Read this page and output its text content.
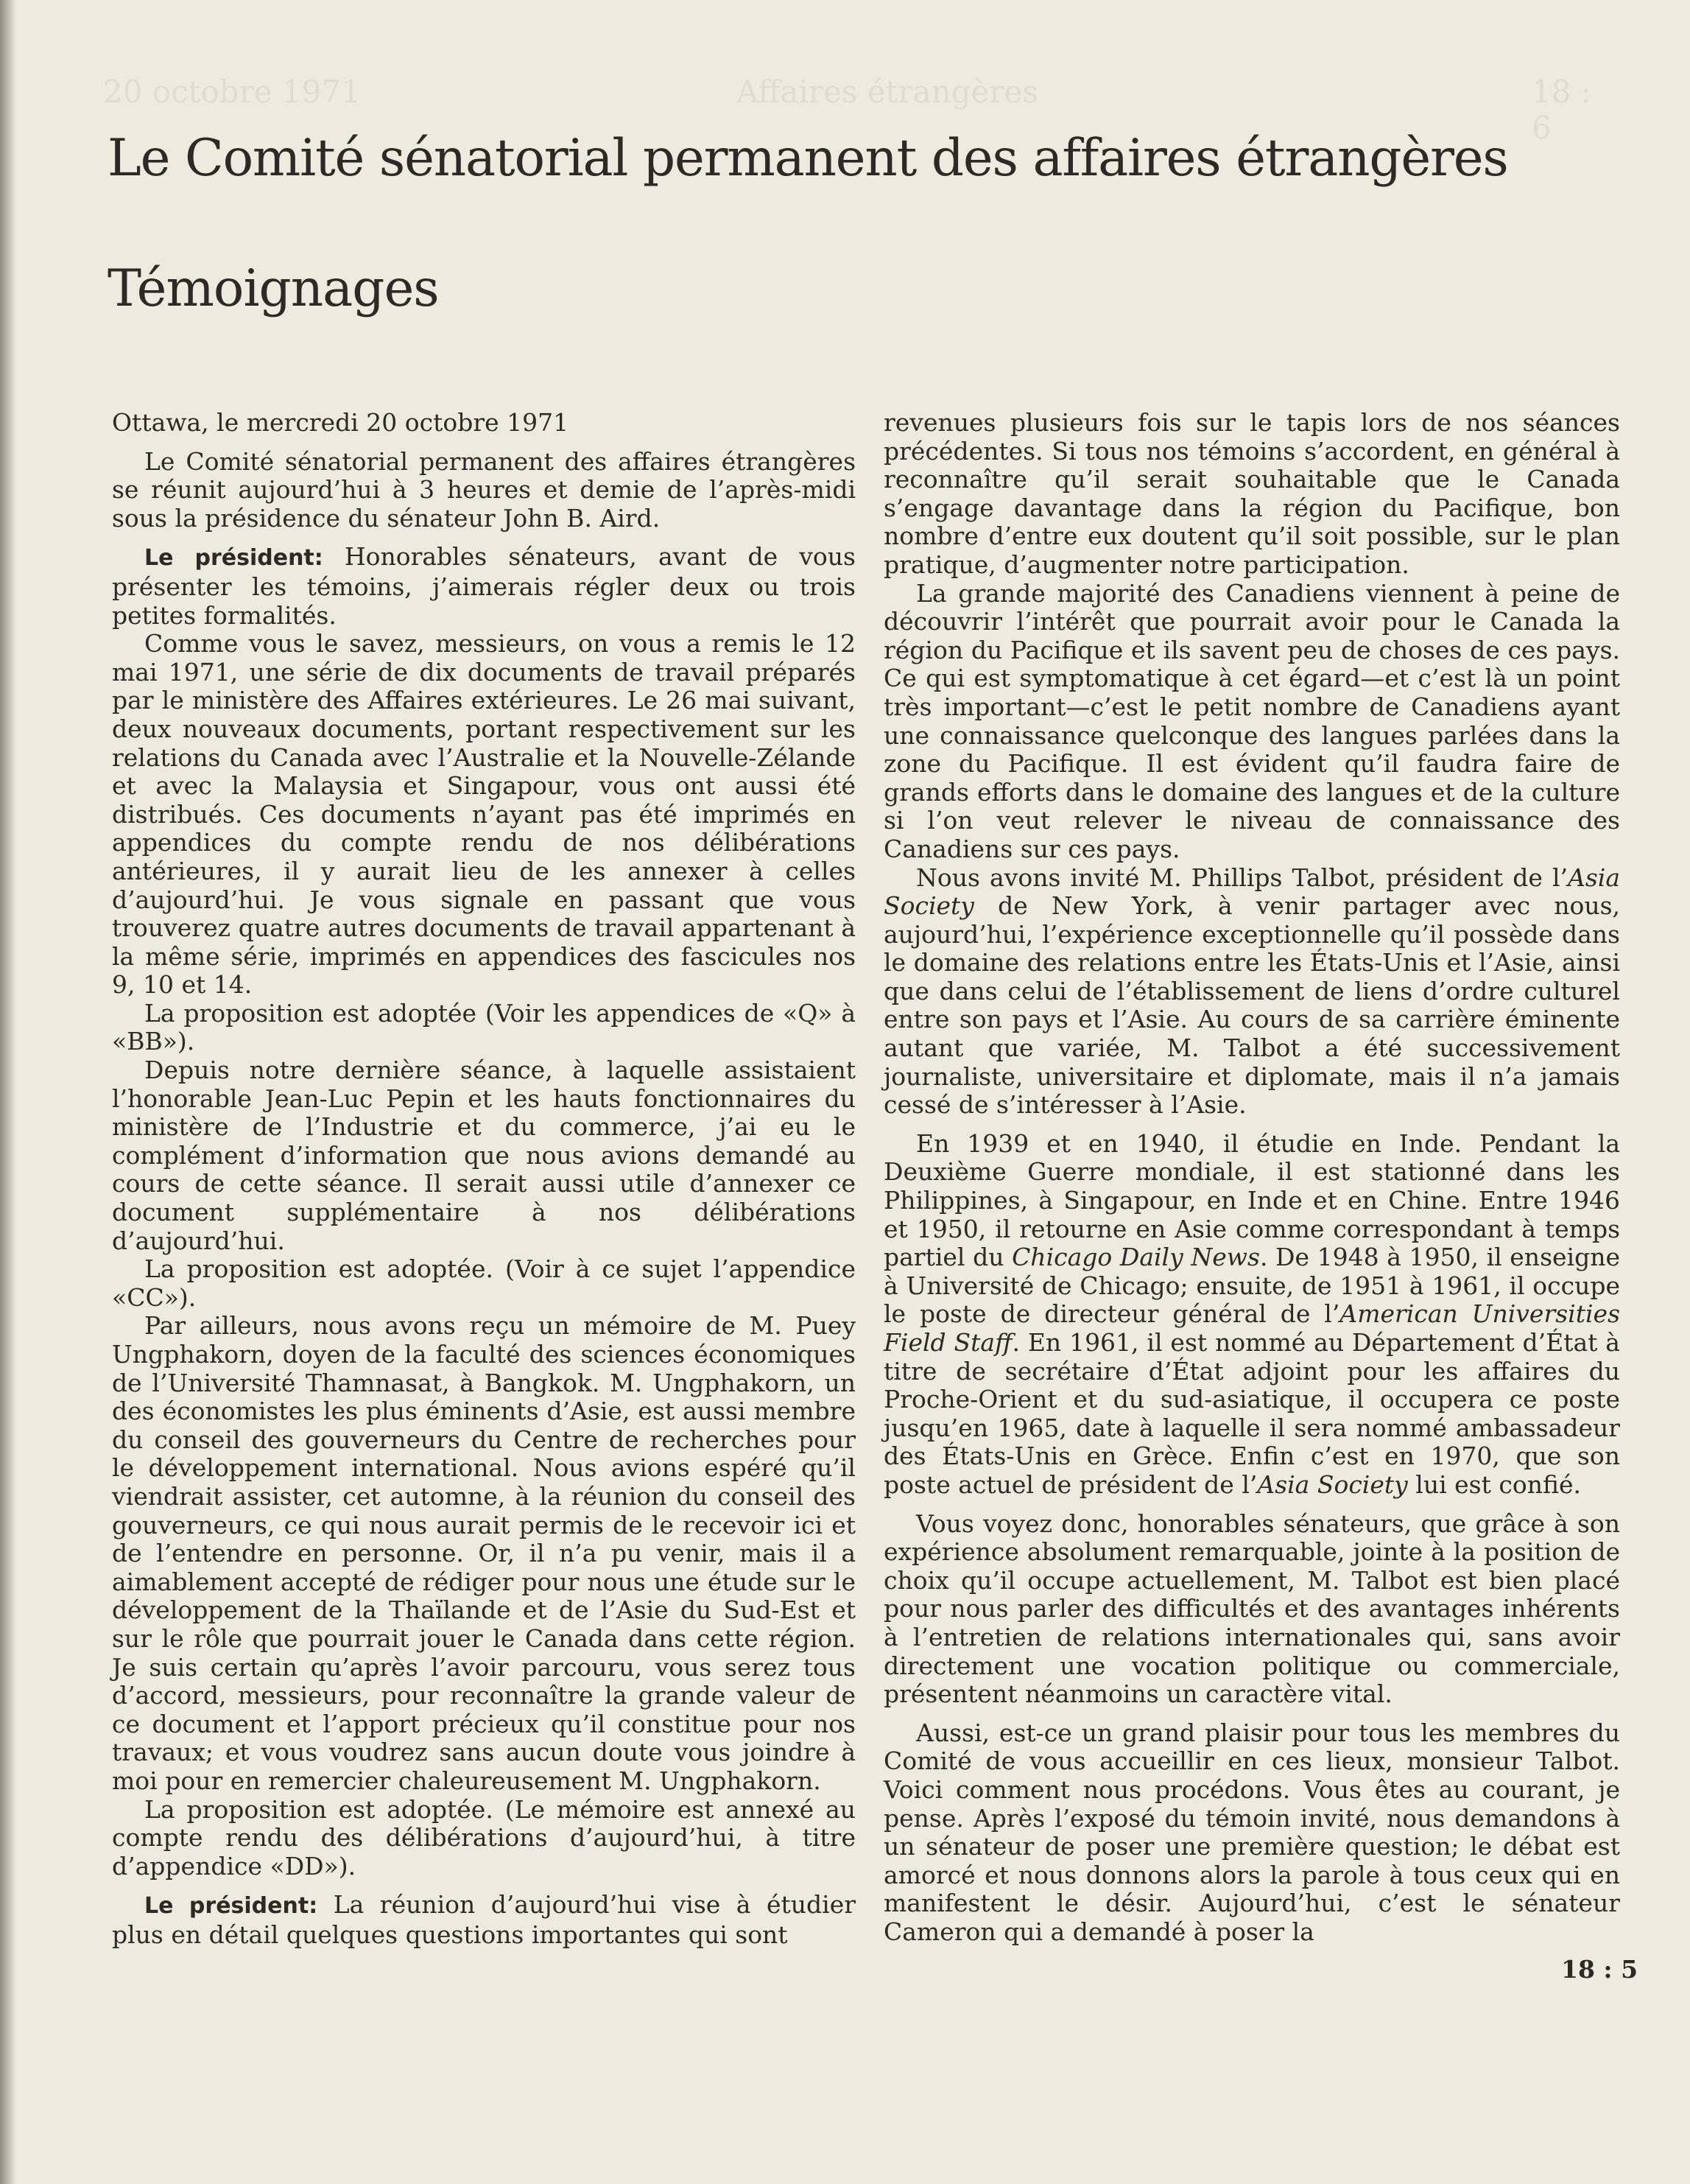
20 octobre 1971	Affaires étrangères	18 : 6
Le Comité sénatorial permanent des affaires étrangères
Témoignages

Ottawa, le mercredi 20 octobre 1971

Le Comité sénatorial permanent des affaires étrangères se réunit aujourd’hui à 3 heures et demie de l’après-midi sous la présidence du sénateur John B. Aird.

Le président: Honorables sénateurs, avant de vous présenter les témoins, j’aimerais régler deux ou trois petites formalités.

Comme vous le savez, messieurs, on vous a remis le 12 mai 1971, une série de dix documents de travail préparés par le ministère des Affaires extérieures. Le 26 mai suivant, deux nouveaux documents, portant respectivement sur les relations du Canada avec l’Australie et la Nouvelle-Zélande et avec la Malaysia et Singapour, vous ont aussi été distribués. Ces documents n’ayant pas été imprimés en appendices du compte rendu de nos délibérations antérieures, il y aurait lieu de les annexer à celles d’aujourd’hui. Je vous signale en passant que vous trouverez quatre autres documents de travail appartenant à la même série, imprimés en appendices des fascicules nos 9, 10 et 14.

La proposition est adoptée (Voir les appendices de «Q» à «BB»).

Depuis notre dernière séance, à laquelle assistaient l’honorable Jean-Luc Pepin et les hauts fonctionnaires du ministère de l’Industrie et du commerce, j’ai eu le complément d’information que nous avions demandé au cours de cette séance. Il serait aussi utile d’annexer ce document supplémentaire à nos délibérations d’aujourd’hui.

La proposition est adoptée. (Voir à ce sujet l’appendice «CC»).

Par ailleurs, nous avons reçu un mémoire de M. Puey Ungphakorn, doyen de la faculté des sciences économiques de l’Université Thamnasat, à Bangkok. M. Ungphakorn, un des économistes les plus éminents d’Asie, est aussi membre du conseil des gouverneurs du Centre de recherches pour le développement international. Nous avions espéré qu’il viendrait assister, cet automne, à la réunion du conseil des gouverneurs, ce qui nous aurait permis de le recevoir ici et de l’entendre en personne. Or, il n’a pu venir, mais il a aimablement accepté de rédiger pour nous une étude sur le développement de la Thaïlande et de l’Asie du Sud-Est et sur le rôle que pourrait jouer le Canada dans cette région. Je suis certain qu’après l’avoir parcouru, vous serez tous d’accord, messieurs, pour reconnaître la grande valeur de ce document et l’apport précieux qu’il constitue pour nos travaux; et vous voudrez sans aucun doute vous joindre à moi pour en remercier chaleureusement M. Ungphakorn.

La proposition est adoptée. (Le mémoire est annexé au compte rendu des délibérations d’aujourd’hui, à titre d’appendice «DD»).

Le président: La réunion d’aujourd’hui vise à étudier plus en détail quelques questions importantes qui sont

revenues plusieurs fois sur le tapis lors de nos séances précédentes. Si tous nos témoins s’accordent, en général à reconnaître qu’il serait souhaitable que le Canada s’engage davantage dans la région du Pacifique, bon nombre d’entre eux doutent qu’il soit possible, sur le plan pratique, d’augmenter notre participation.

La grande majorité des Canadiens viennent à peine de découvrir l’intérêt que pourrait avoir pour le Canada la région du Pacifique et ils savent peu de choses de ces pays. Ce qui est symptomatique à cet égard—et c’est là un point très important—c’est le petit nombre de Canadiens ayant une connaissance quelconque des langues parlées dans la zone du Pacifique. Il est évident qu’il faudra faire de grands efforts dans le domaine des langues et de la culture si l’on veut relever le niveau de connaissance des Canadiens sur ces pays.

Nous avons invité M. Phillips Talbot, président de l’Asia Society de New York, à venir partager avec nous, aujourd’hui, l’expérience exceptionnelle qu’il possède dans le domaine des relations entre les États-Unis et l’Asie, ainsi que dans celui de l’établissement de liens d’ordre culturel entre son pays et l’Asie. Au cours de sa carrière éminente autant que variée, M. Talbot a été successivement journaliste, universitaire et diplomate, mais il n’a jamais cessé de s’intéresser à l’Asie.

En 1939 et en 1940, il étudie en Inde. Pendant la Deuxième Guerre mondiale, il est stationné dans les Philippines, à Singapour, en Inde et en Chine. Entre 1946 et 1950, il retourne en Asie comme correspondant à temps partiel du Chicago Daily News. De 1948 à 1950, il enseigne à Université de Chicago; ensuite, de 1951 à 1961, il occupe le poste de directeur général de l’American Universities Field Staff. En 1961, il est nommé au Département d’État à titre de secrétaire d’État adjoint pour les affaires du Proche-Orient et du sud-asiatique, il occupera ce poste jusqu’en 1965, date à laquelle il sera nommé ambassadeur des États-Unis en Grèce. Enfin c’est en 1970, que son poste actuel de président de l’Asia Society lui est confié.

Vous voyez donc, honorables sénateurs, que grâce à son expérience absolument remarquable, jointe à la position de choix qu’il occupe actuellement, M. Talbot est bien placé pour nous parler des difficultés et des avantages inhérents à l’entretien de relations internationales qui, sans avoir directement une vocation politique ou commerciale, présentent néanmoins un caractère vital.

Aussi, est-ce un grand plaisir pour tous les membres du Comité de vous accueillir en ces lieux, monsieur Talbot. Voici comment nous procédons. Vous êtes au courant, je pense. Après l’exposé du témoin invité, nous demandons à un sénateur de poser une première question; le débat est amorcé et nous donnons alors la parole à tous ceux qui en manifestent le désir. Aujourd’hui, c’est le sénateur Cameron qui a demandé à poser la

18 : 5
